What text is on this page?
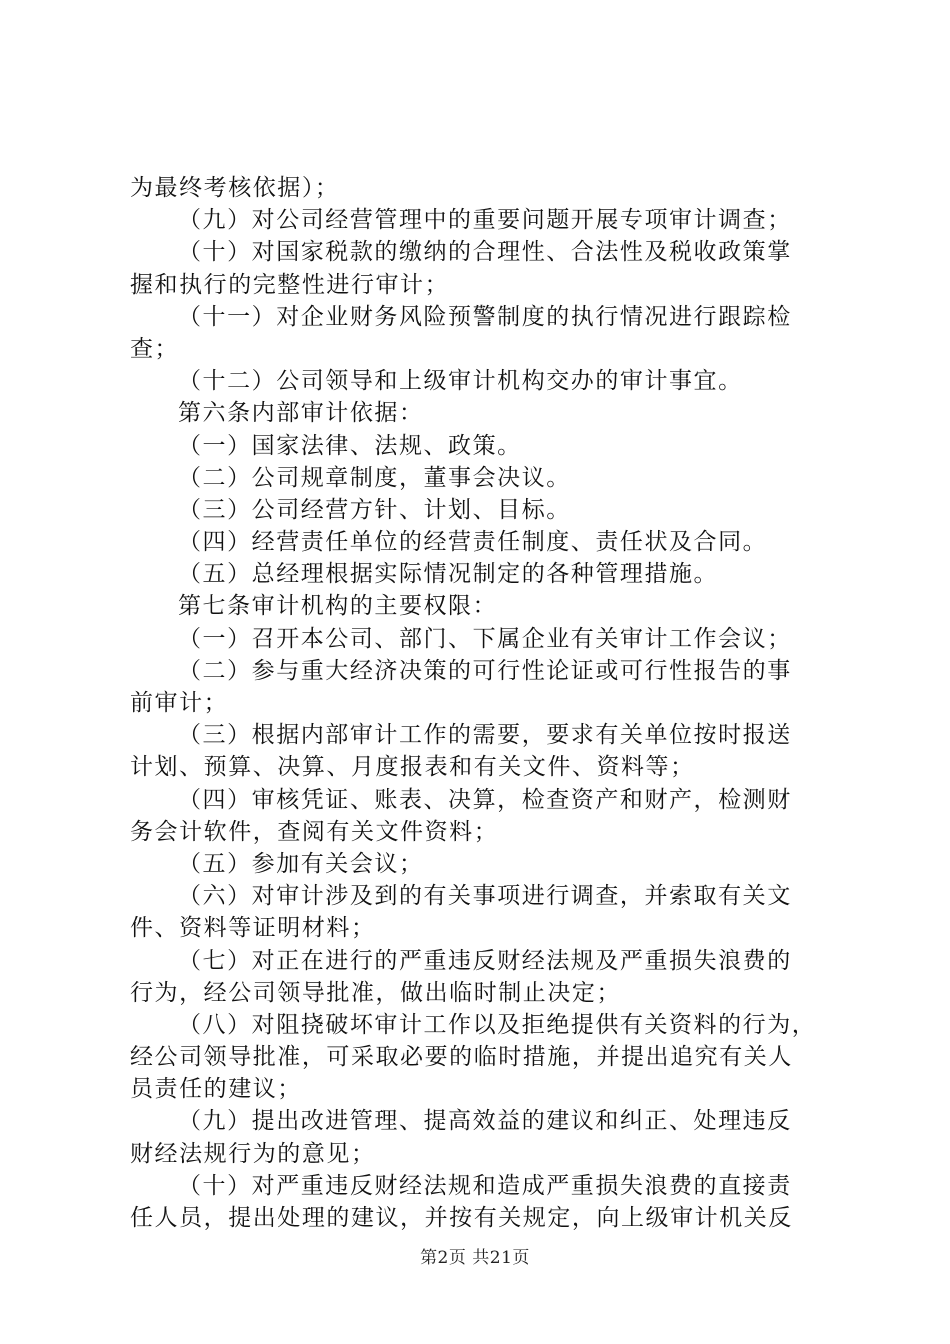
为最终考核依据）；
（九）对公司经营管理中的重要问题开展专项审计调查；
（十）对国家税款的缴纳的合理性、合法性及税收政策掌
握和执行的完整性进行审计；
（十一）对企业财务风险预警制度的执行情况进行跟踪检
查；
（十二）公司领导和上级审计机构交办的审计事宜。
第六条内部审计依据：
（一）国家法律、法规、政策。
（二）公司规章制度，董事会决议。
（三）公司经营方针、计划、目标。
（四）经营责任单位的经营责任制度、责任状及合同。
（五）总经理根据实际情况制定的各种管理措施。
第七条审计机构的主要权限：
（一）召开本公司、部门、下属企业有关审计工作会议；
（二）参与重大经济决策的可行性论证或可行性报告的事
前审计；
（三）根据内部审计工作的需要，要求有关单位按时报送
计划、预算、决算、月度报表和有关文件、资料等；
（四）审核凭证、账表、决算，检查资产和财产，检测财
务会计软件，查阅有关文件资料；
（五）参加有关会议；
（六）对审计涉及到的有关事项进行调查，并索取有关文
件、资料等证明材料；
（七）对正在进行的严重违反财经法规及严重损失浪费的
行为，经公司领导批准，做出临时制止决定；
（八）对阻挠破坏审计工作以及拒绝提供有关资料的行为，
经公司领导批准，可采取必要的临时措施，并提出追究有关人
员责任的建议；
（九）提出改进管理、提高效益的建议和纠正、处理违反
财经法规行为的意见；
（十）对严重违反财经法规和造成严重损失浪费的直接责
任人员，提出处理的建议，并按有关规定，向上级审计机关反
第2页 共21页
